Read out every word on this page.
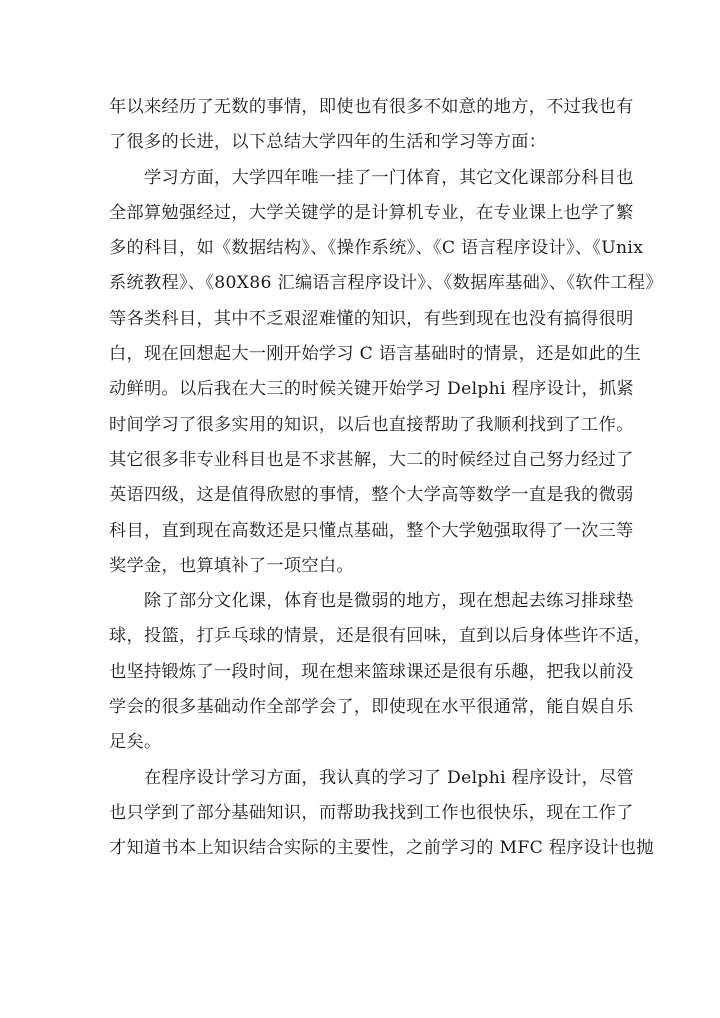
年以来经历了无数的事情，即使也有很多不如意的地方，不过我也有
了很多的长进，以下总结大学四年的生活和学习等方面：
学习方面，大学四年唯一挂了一门体育，其它文化课部分科目也
全部算勉强经过，大学关键学的是计算机专业，在专业课上也学了繁
多的科目，如《数据结构》、《操作系统》、《C 语言程序设计》、《Unix
系统教程》、《80X86 汇编语言程序设计》、《数据库基础》、《软件工程》
等各类科目，其中不乏艰涩难懂的知识，有些到现在也没有搞得很明
白，现在回想起大一刚开始学习 C 语言基础时的情景，还是如此的生
动鲜明。以后我在大三的时候关键开始学习 Delphi 程序设计，抓紧
时间学习了很多实用的知识，以后也直接帮助了我顺利找到了工作。
其它很多非专业科目也是不求甚解，大二的时候经过自己努力经过了
英语四级，这是值得欣慰的事情，整个大学高等数学一直是我的微弱
科目，直到现在高数还是只懂点基础，整个大学勉强取得了一次三等
奖学金，也算填补了一项空白。
除了部分文化课，体育也是微弱的地方，现在想起去练习排球垫
球，投篮，打乒乓球的情景，还是很有回味，直到以后身体些许不适，
也坚持锻炼了一段时间，现在想来篮球课还是很有乐趣，把我以前没
学会的很多基础动作全部学会了，即使现在水平很通常，能自娱自乐
足矣。
在程序设计学习方面，我认真的学习了 Delphi 程序设计，尽管
也只学到了部分基础知识，而帮助我找到工作也很快乐，现在工作了
才知道书本上知识结合实际的主要性，之前学习的 MFC 程序设计也抛
